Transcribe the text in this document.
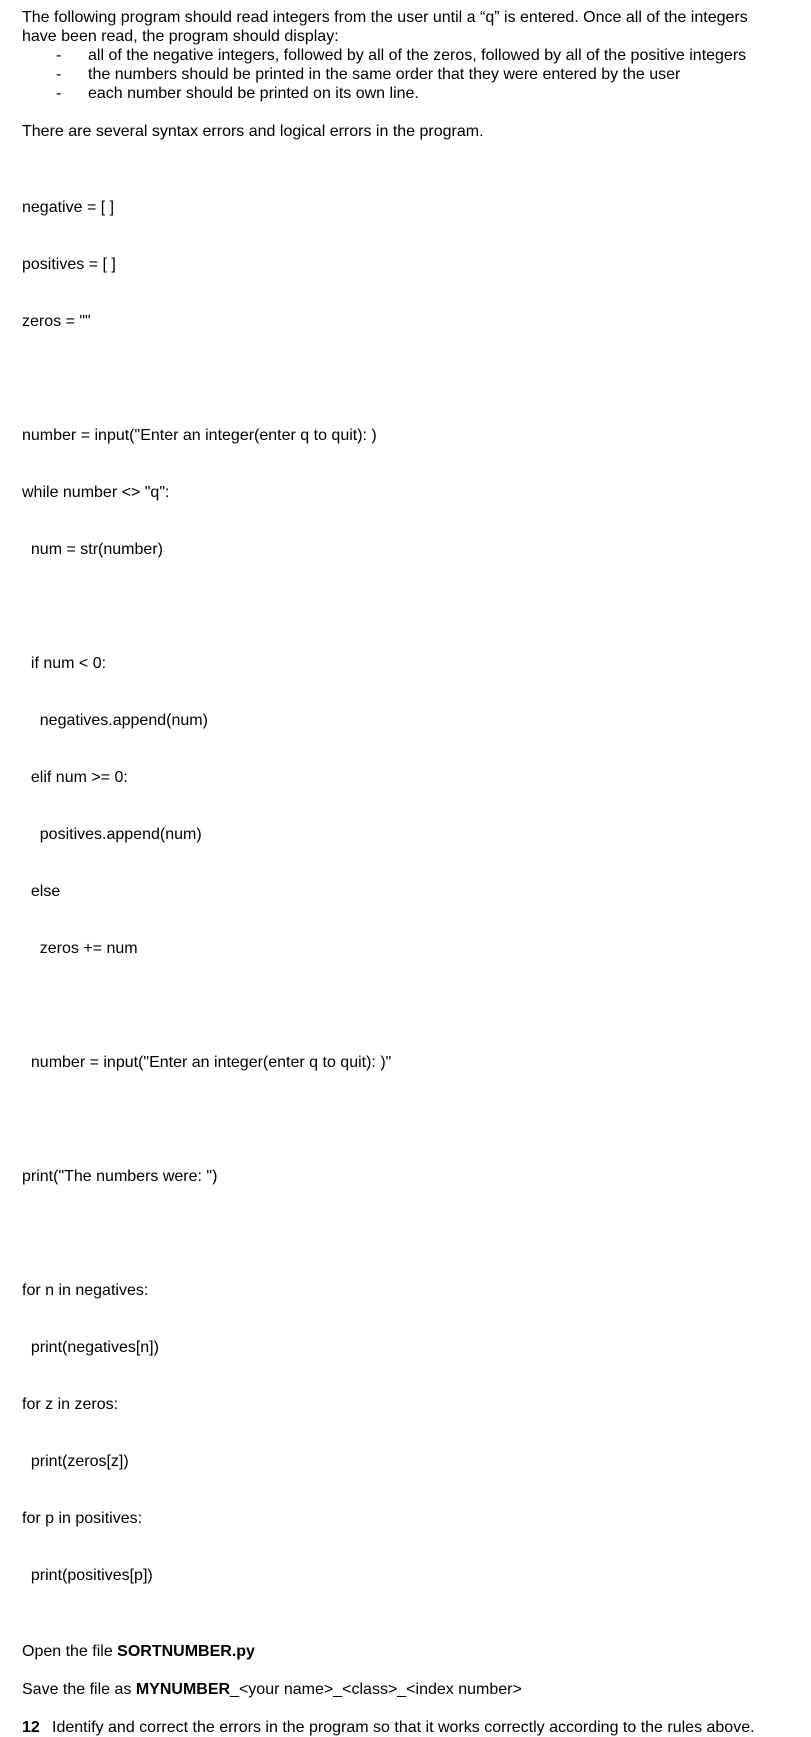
The following program should read integers from the user until a “q” is entered. Once all of the integers have been read, the program should display:

- all of the negative integers, followed by all of the zeros, followed by all of the positive integers
- the numbers should be printed in the same order that they were entered by the user
- each number should be printed on its own line.

There are several syntax errors and logical errors in the program.

negative = [ ]

positives = [ ]

zeros = ""

number = input("Enter an integer(enter q to quit): )

while number <> "q":

num = str(number)

if num < 0:

negatives.append(num)

elif num >= 0:

positives.append(num)

else

zeros += num

number = input("Enter an integer(enter q to quit): )"

print("The numbers were: ")

for n in negatives:

print(negatives[n])

for z in zeros:

print(zeros[z])

for p in positives:

print(positives[p])

Open the file SORTNUMBER.py

Save the file as MYNUMBER_<your name>_<class>_<index number>

12 Identify and correct the errors in the program so that it works correctly according to the rules above.
